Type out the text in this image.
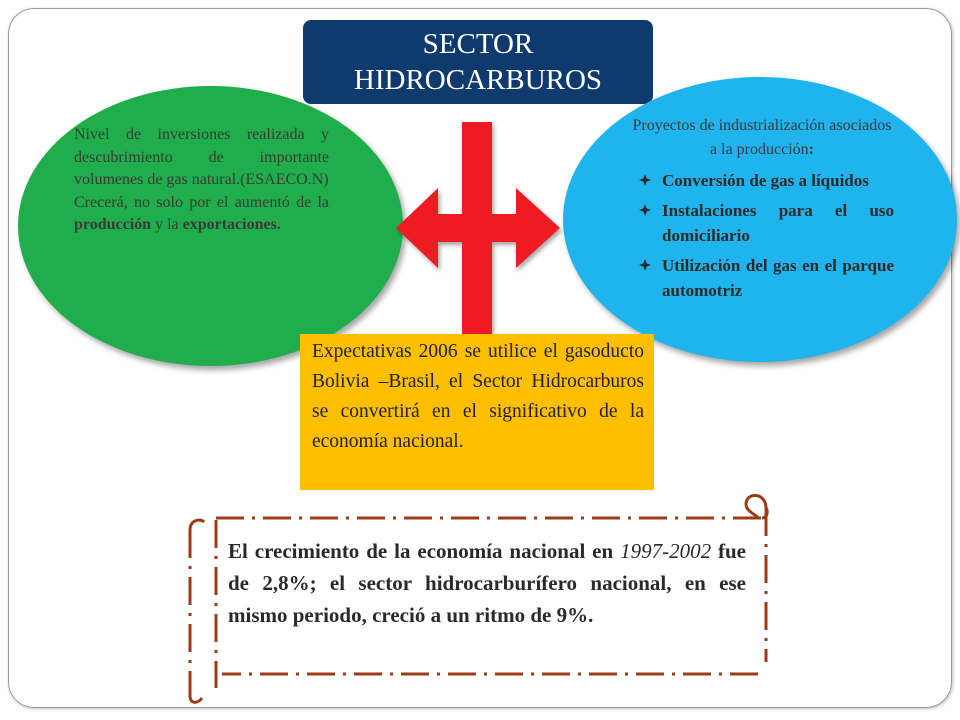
SECTOR
HIDROCARBUROS

Nivel de inversiones realizada y descubrimiento de importante volumenes de gas natural.(ESAECO.N)

Crecerá, no solo por el aumentó de la producción y la exportaciones.

Proyectos de industrialización asociados a la producción:
Conversión de gas a líquidos
Instalaciones para el uso domiciliario
Utilización del gas en el parque automotriz
Expectativas 2006 se utilice el gasoducto Bolivia –Brasil, el Sector Hidrocarburos se convertirá en el significativo de la economía nacional.
El crecimiento de la economía nacional en 1997-2002 fue de 2,8%; el sector hidrocarburífero nacional, en ese mismo periodo, creció a un ritmo de 9%.
